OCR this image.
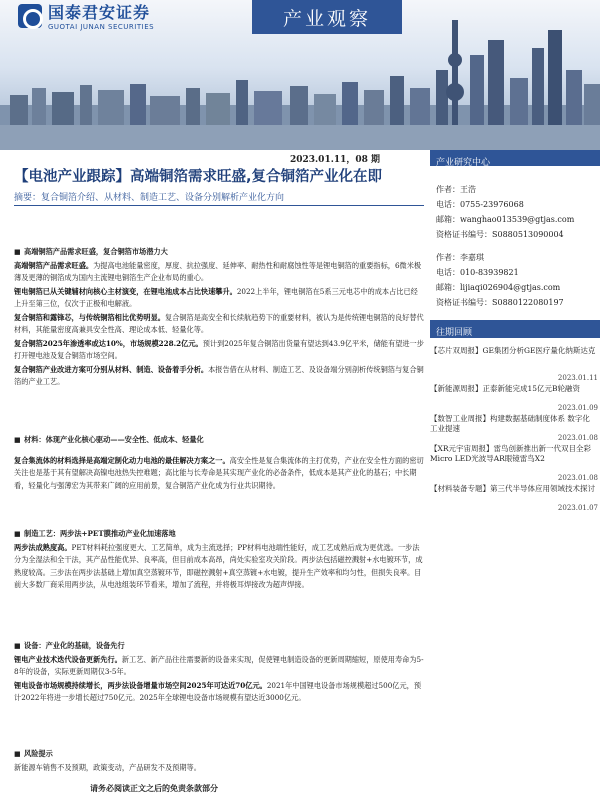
国泰君安证券
GUOTAI JUNAN SECURITIES	产业观察
2023.01.11，08 期	产业研究中心
作者：王浩
电话：0755-23976068
邮箱：wanghao013539@gtjas.com
资格证书编号：S0880513090004
作者：李嘉琪
电话：010-83939821
邮箱：lijiaqi026904@gtjas.com
资格证书编号：S0880122080197
往期回顾
【芯片双周报】GE集团分析GE医疗量化纳斯达克
2023.01.11
【新能源周报】正泰新能完成15亿元B轮融资
2023.01.09
【数智工业周报】构建数据基础制度体系 数字化工业提速
2023.01.08
【XR元宇宙周报】雷鸟创新推出新一代双目全彩Micro LED光波导AR眼镜雷鸟X2
2023.01.08
【材料装备专题】第三代半导体应用领域技术探讨
2023.01.07
【电池产业跟踪】高端铜箔需求旺盛,复合铜箔产业化在即
摘要：复合铜箔介绍、从材料、制造工艺、设备分别解析产业化方向
■ 高端铜箔产品需求旺盛，复合铜箔市场潜力大

高端铜箔产品需求旺盛。为提高电池能量密度，厚度、抗拉强度、延伸率、耐热性和耐腐蚀性等是锂电铜箔的重要指标，6微米极薄及更薄的铜箔成为国内主流锂电铜箔生产企业布局的重心。

锂电铜箔已从关键辅材向核心主材演变，在锂电池成本占比快速攀升。2022上半年，锂电铜箔在5系三元电芯中的成本占比已经上升至第三位，仅次于正极和电解液。

复合铜箔和露锋芯，与传统铜箔相比优势明显。复合铜箔是高安全和长续航趋势下的重要材料，被认为是传统锂电铜箔的良好替代材料，其能量密度高兼具安全性高、理论成本低、轻量化等。

复合铜箔2025年渗透率或达10%，市场规模228.2亿元。预计到2025年复合铜箔出货量有望达到43.9亿平米，储能有望进一步打开锂电池及复合铜箔市场空间。

复合铜箔产业改进方案可分别从材料、制造、设备着手分析。本报告借在从材料、制造工艺、及设备端分别剖析传统铜箔与复合铜箔的产业工艺。

■ 材料：体现产业化核心驱动——安全性、低成本、轻量化

复合集流体的材料选择是高端定制化动力电池的最佳解决方案之一。高安全性是复合集流体的主打优势，产业在安全性方面的密切关注也是基于其有望解决高镍电池热失控难题；高比能与长寿命是其实现产业化的必备条件，低成本是其产业化的基石；中长期看，轻量化与强薄宏为其带来广阔的应用前景，复合铜箔产业化成为行业共识期待。

■ 制造工艺：两步法+PET膜推动产业化加速落地

两步法成熟度高。PET材料耗拉强度更大、工艺简单，成为主流选择；PP材料电池端性能好，成工艺成熟后成为更优选。一步法分为全湿法和全干法，其产品性能优异、良率高，但目前成本高昂，尚处实验室攻关阶段。两步法包括磁控溅射+水电镀环节，成熟度较高。三步法在两步法基础上增加真空蒸镀环节，即磁控溅射+真空蒸镀+水电镀，提升生产效率和均匀性，但损失良率。目前大多数厂商采用两步法，从电池组装环节看来，增加了流程，并将极耳焊接改为超声焊接。

■ 设备：产业化的基础，设备先行

锂电产业技术迭代设备更新先行。新工艺、新产品往往需要新的设备来实现，促使锂电制造设备的更新周期缩短，原使用寿命为5-8年的设备，实际更新周期仅3-5年。

锂电设备市场规模持续增长，两步法设备增量市场空间2025年可达近70亿元。2021年中国锂电设备市场规模超过500亿元，预计2022年将进一步增长超过750亿元。2025年全球锂电设备市场规模有望达近3000亿元。

■ 风险提示

新能源车销售不及预期，政策变动，产品研发不及预期等。

请务必阅读正文之后的免责条款部分
